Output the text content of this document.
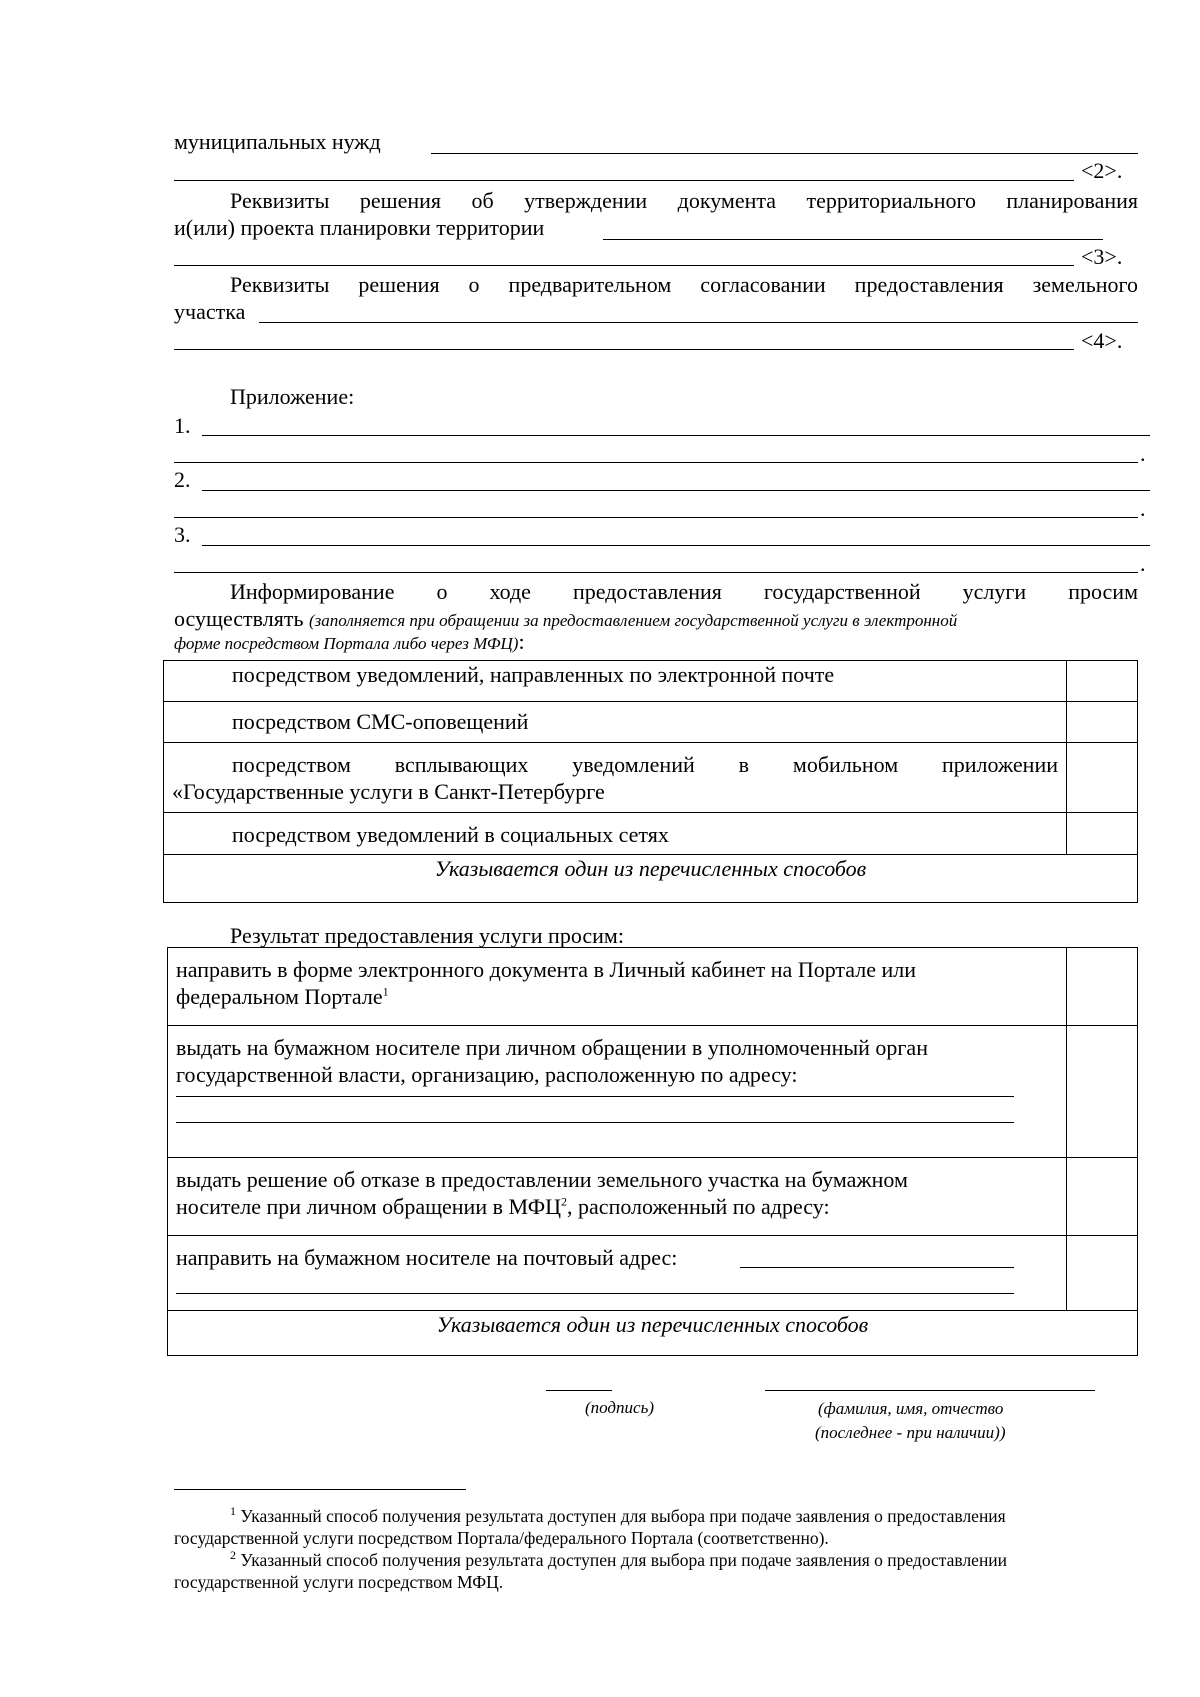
муниципальных нужд
<2>.
Реквизиты решения об утверждении документа территориального планирования
и(или) проекта планировки территории
<3>.
Реквизиты решения о предварительном согласовании предоставления земельного
участка
<4>.
Приложение:
1.
.
2.
.
3.
.
Информирование о ходе предоставления государственной услуги просим
осуществлять (заполняется при обращении за предоставлением государственной услуги в электронной
форме посредством Портала либо через МФЦ):
посредством уведомлений, направленных по электронной почте	
посредством СМС-оповещений	

посредством всплывающих уведомлений в мобильном приложении
«Государственные услуги в Санкт-Петербурге	

посредством уведомлений в социальных сетях	
Указывается один из перечисленных способов	
Результат предоставления услуги просим:
направить в форме электронного документа в Личный кабинет на Портале или
федеральном Портале$^1$

выдать на бумажном носителе при личном обращении в уполномоченный орган
государственной власти, организацию, расположенную по адресу:	

выдать решение об отказе в предоставлении земельного участка на бумажном
носителе при личном обращении в МФЦ$^2$, расположенный по адресу:	

направить на бумажном носителе на почтовый адрес:	

Указывается один из перечисленных способов	
(подпись)	(фамилия, имя, отчество
(последнее - при наличии))
$^1$ Указанный способ получения результата доступен для выбора при подаче заявления о предоставления
государственной услуги посредством Портала/федерального Портала (соответственно).
$^2$ Указанный способ получения результата доступен для выбора при подаче заявления о предоставлении
государственной услуги посредством МФЦ.
